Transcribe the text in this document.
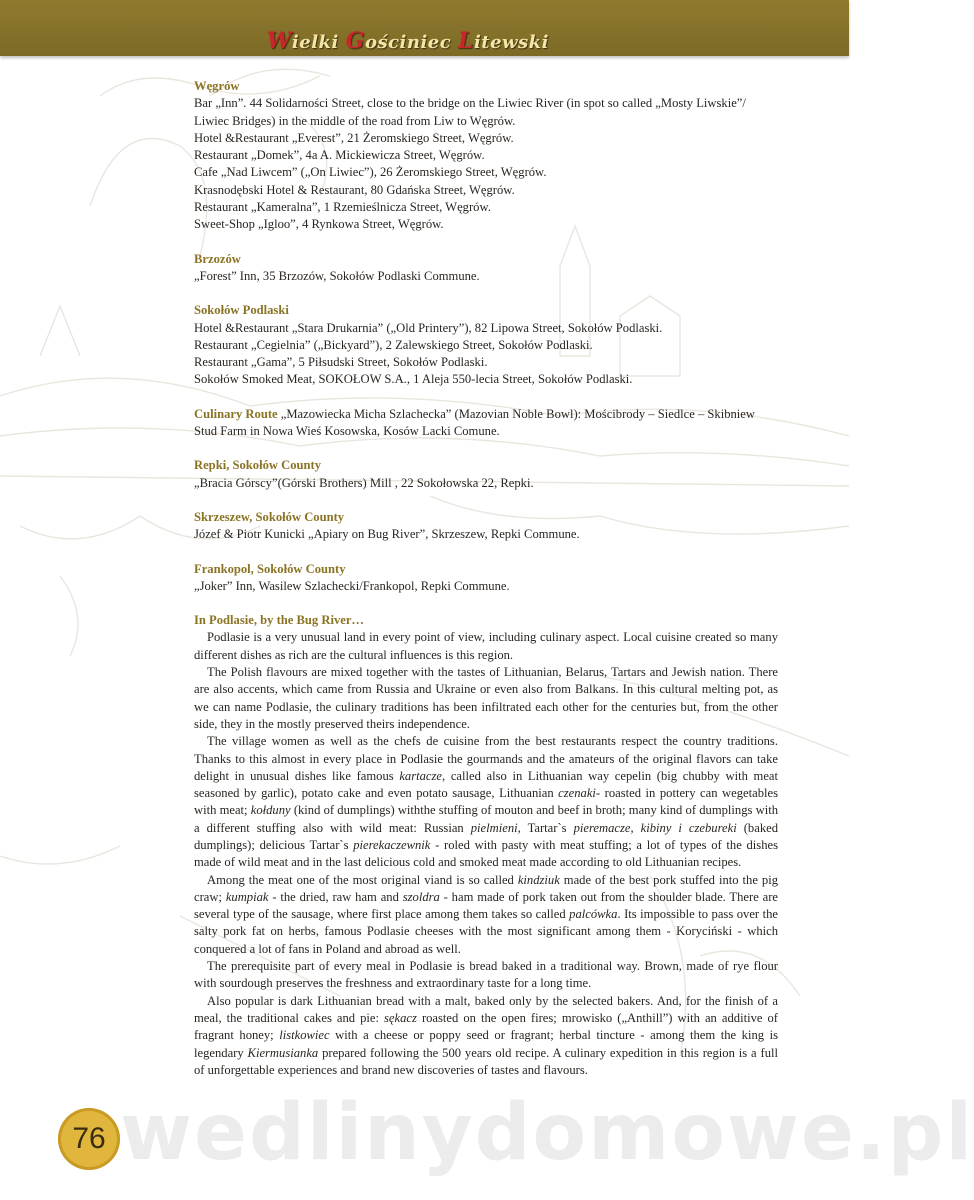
Wielki Gościniec Litewski

Węgrów

Bar „Inn”. 44 Solidarności Street, close to the bridge on the Liwiec River (in spot so called „Mosty Liwskie”/ Liwiec Bridges) in the middle of the road from Liw to Węgrów.

Hotel &Restaurant „Everest”, 21 Żeromskiego Street, Węgrów.

Restaurant „Domek”, 4a A. Mickiewicza Street, Węgrów.

Cafe „Nad Liwcem” („On Liwiec”), 26 Żeromskiego Street, Węgrów.

Krasnodębski Hotel & Restaurant, 80 Gdańska Street, Węgrów.

Restaurant „Kameralna”, 1 Rzemieślnicza Street, Węgrów.

Sweet-Shop „Igloo”, 4 Rynkowa Street, Węgrów.

Brzozów

„Forest” Inn, 35 Brzozów, Sokołów Podlaski Commune.

Sokołów Podlaski

Hotel &Restaurant „Stara Drukarnia” („Old Printery”), 82 Lipowa Street, Sokołów Podlaski.

Restaurant „Cegielnia” („Bickyard”), 2 Zalewskiego Street, Sokołów Podlaski.

Restaurant „Gama”, 5 Piłsudski Street, Sokołów Podlaski.

Sokołów Smoked Meat, SOKOŁOW S.A., 1 Aleja 550-lecia Street, Sokołów Podlaski.

Culinary Route „Mazowiecka Micha Szlachecka” (Mazovian Noble Bowl): Mościbrody – Siedlce – Skibniew Stud Farm in Nowa Wieś Kosowska, Kosów Lacki Comune.

Repki, Sokołów County

„Bracia Górscy”(Górski Brothers) Mill , 22 Sokołowska 22, Repki.

Skrzeszew, Sokołów County

Józef & Piotr Kunicki „Apiary on Bug River”, Skrzeszew, Repki Commune.

Frankopol, Sokołów County

„Joker” Inn, Wasilew Szlachecki/Frankopol, Repki Commune.

In Podlasie, by the Bug River…

Podlasie is a very unusual land in every point of view, including culinary aspect. Local cuisine created so many different dishes as rich are the cultural influences is this region.

The Polish flavours are mixed together with the tastes of Lithuanian, Belarus, Tartars and Jewish nation. There are also accents, which came from Russia and Ukraine or even also from Balkans. In this cultural melting pot, as we can name Podlasie, the culinary traditions has been infiltrated each other for the centuries but, from the other side, they in the mostly preserved theirs independence.

The village women as well as the chefs de cuisine from the best restaurants respect the country traditions. Thanks to this almost in every place in Podlasie the gourmands and the amateurs of the original flavors can take delight in unusual dishes like famous kartacze, called also in Lithuanian way cepelin (big chubby with meat seasoned by garlic), potato cake and even potato sausage, Lithuanian czenaki- roasted in pottery can wegetables with meat; kołduny (kind of dumplings) withthe stuffing of mouton and beef in broth; many kind of dumplings with a different stuffing also with wild meat: Russian pielmieni, Tartar`s pieremacze, kibiny i czebureki (baked dumplings); delicious Tartar`s pierekaczewnik - roled with pasty with meat stuffing; a lot of types of the dishes made of wild meat and in the last delicious cold and smoked meat made according to old Lithuanian recipes.

Among the meat one of the most original viand is so called kindziuk made of the best pork stuffed into the pig craw; kumpiak - the dried, raw ham and szoldra - ham made of pork taken out from the shoulder blade. There are several type of the sausage, where first place among them takes so called palcówka. Its impossible to pass over the salty pork fat on herbs, famous Podlasie cheeses with the most significant among them - Koryciński - which conquered a lot of fans in Poland and abroad as well.

The prerequisite part of every meal in Podlasie is bread baked in a traditional way. Brown, made of rye flour with sourdough preserves the freshness and extraordinary taste for a long time.

Also popular is dark Lithuanian bread with a malt, baked only by the selected bakers. And, for the finish of a meal, the traditional cakes and pie: sękacz roasted on the open fires; mrowisko („Anthill”) with an additive of fragrant honey; listkowiec with a cheese or poppy seed or fragrant; herbal tincture - among them the king is legendary Kiermusianka prepared following the 500 years old recipe. A culinary expedition in this region is a full of unforgettable experiences and brand new discoveries of tastes and flavours.

wedlinydomowe.pl
76
